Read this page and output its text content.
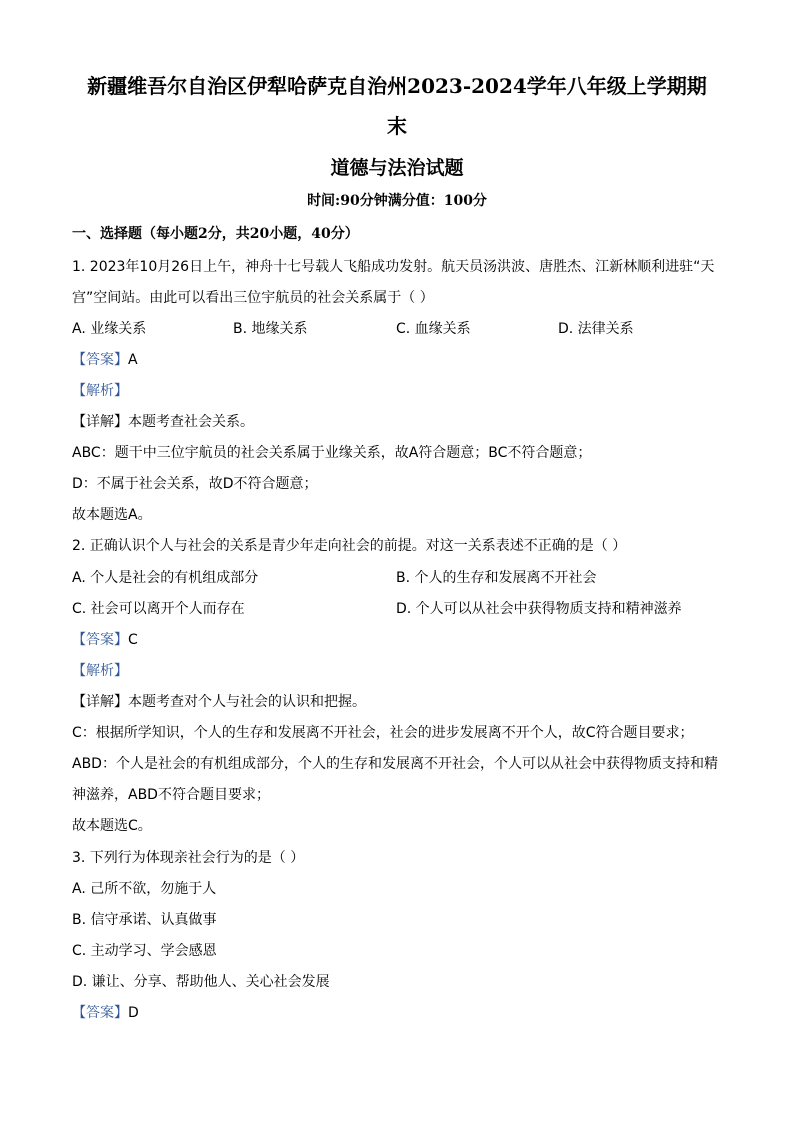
新疆维吾尔自治区伊犁哈萨克自治州2023-2024学年八年级上学期期
末
道德与法治试题
时间:90分钟满分值：100分
一、选择题（每小题2分，共20小题，40分）
1. 2023年10月26日上午，神舟十七号载人飞船成功发射。航天员汤洪波、唐胜杰、江新林顺利进驻“天
宫”空间站。由此可以看出三位宇航员的社会关系属于（ ）
A. 业缘关系	B. 地缘关系	C. 血缘关系	D. 法律关系
【答案】A
【解析】
【详解】本题考查社会关系。
ABC：题干中三位宇航员的社会关系属于业缘关系，故A符合题意；BC不符合题意；
D：不属于社会关系，故D不符合题意；
故本题选A。
2. 正确认识个人与社会的关系是青少年走向社会的前提。对这一关系表述不正确的是（ ）
A. 个人是社会的有机组成部分	B. 个人的生存和发展离不开社会
C. 社会可以离开个人而存在	D. 个人可以从社会中获得物质支持和精神滋养
【答案】C
【解析】
【详解】本题考查对个人与社会的认识和把握。
C：根据所学知识，个人的生存和发展离不开社会，社会的进步发展离不开个人，故C符合题目要求；
ABD：个人是社会的有机组成部分，个人的生存和发展离不开社会，个人可以从社会中获得物质支持和精
神滋养，ABD不符合题目要求；
故本题选C。
3. 下列行为体现亲社会行为的是（ ）
A. 己所不欲，勿施于人
B. 信守承诺、认真做事
C. 主动学习、学会感恩
D. 谦让、分享、帮助他人、关心社会发展
【答案】D
